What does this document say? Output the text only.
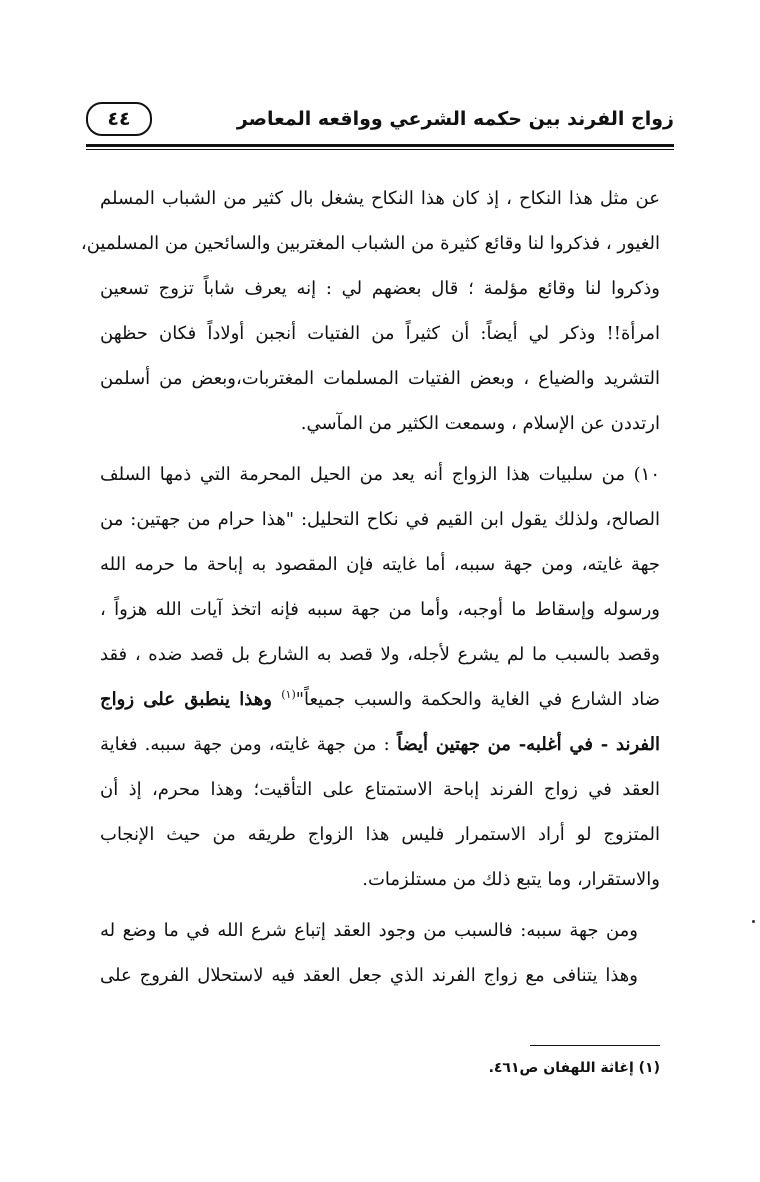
زواج الفرند بين حكمه الشرعي وواقعه المعاصر
٤٤

عن مثل هذا النكاح ، إذ كان هذا النكاح يشغل بال كثير من الشباب المسلم
الغيور ، فذكروا لنا وقائع كثيرة من الشباب المغتربين والسائحين من المسلمين،
وذكروا لنا وقائع مؤلمة ؛ قال بعضهم لي : إنه يعرف شاباً تزوج تسعين
امرأة!! وذكر لي أيضاً: أن كثيراً من الفتيات أنجبن أولاداً فكان حظهن
التشريد والضياع ، وبعض الفتيات المسلمات المغتربات،وبعض من أسلمن
ارتددن عن الإسلام ، وسمعت الكثير من المآسي.

١٠) من سلبيات هذا الزواج أنه يعد من الحيل المحرمة التي ذمها السلف
الصالح، ولذلك يقول ابن القيم في نكاح التحليل: "هذا حرام من جهتين: من
جهة غايته، ومن جهة سببه، أما غايته فإن المقصود به إباحة ما حرمه الله
ورسوله وإسقاط ما أوجبه، وأما من جهة سببه فإنه اتخذ آيات الله هزواً ،
وقصد بالسبب ما لم يشرع لأجله، ولا قصد به الشارع بل قصد ضده ، فقد
ضاد الشارع في الغاية والحكمة والسبب جميعاً"$^{(١)}$ وهذا ينطبق على زواج
الفرند - في أغلبه- من جهتين أيضاً : من جهة غايته، ومن جهة سببه. فغاية
العقد في زواج الفرند إباحة الاستمتاع على التأقيت؛ وهذا محرم، إذ أن
المتزوج لو أراد الاستمرار فليس هذا الزواج طريقه من حيث الإنجاب
والاستقرار، وما يتبع ذلك من مستلزمات.

ومن جهة سببه: فالسبب من وجود العقد إتباع شرع الله في ما وضع له
وهذا يتنافى مع زواج الفرند الذي جعل العقد فيه لاستحلال الفروج على

(١) إغاثة اللهفان ص٤٦١.
